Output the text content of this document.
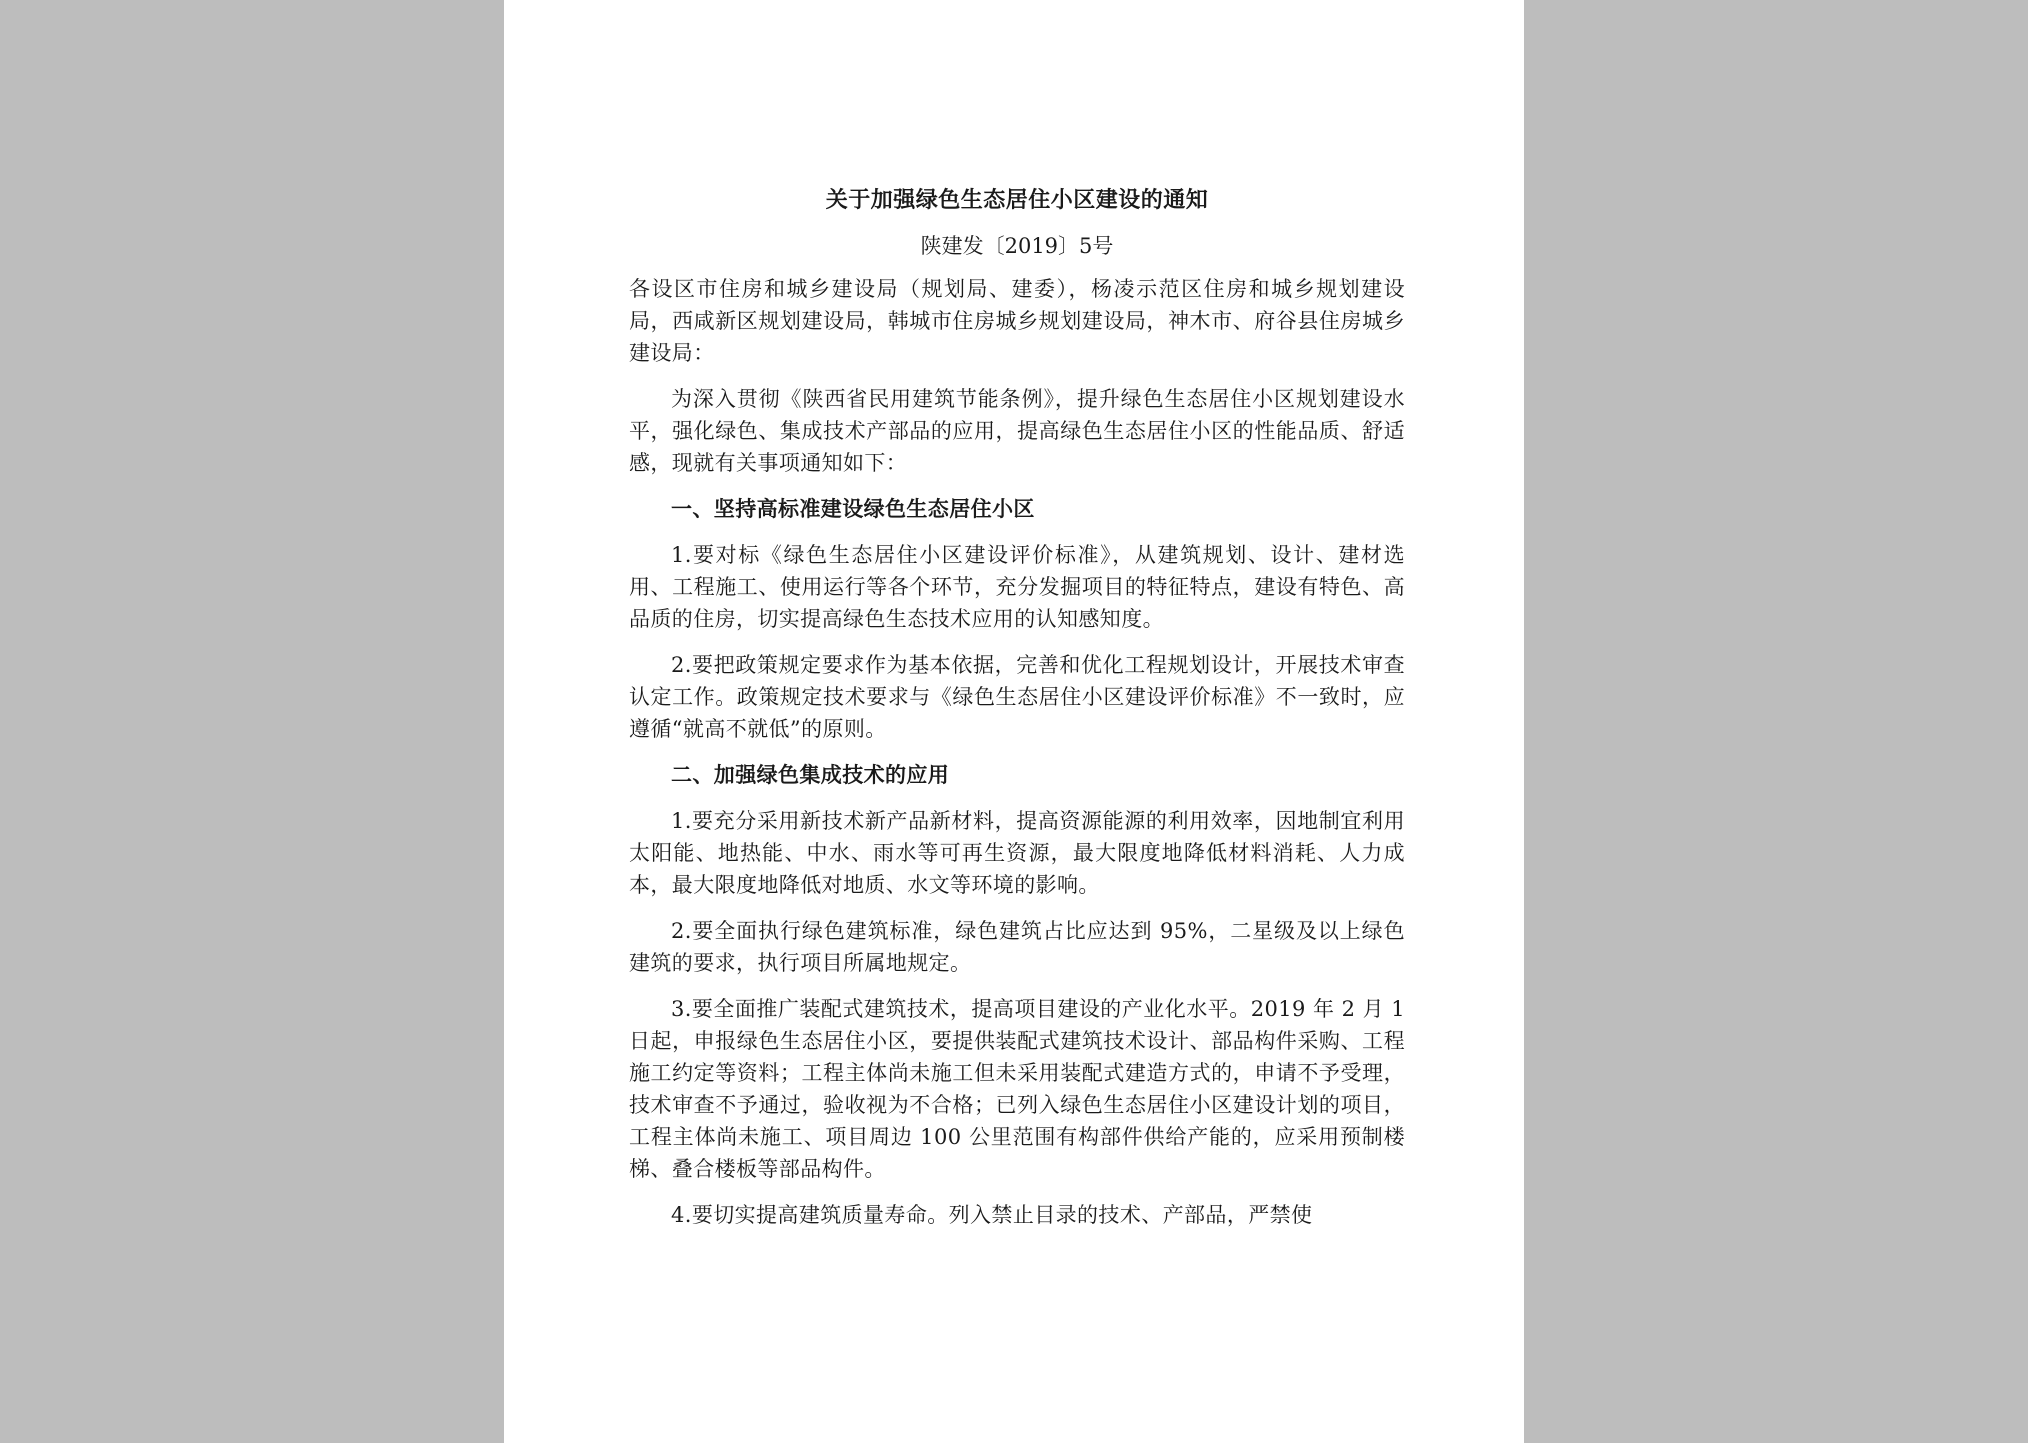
关于加强绿色生态居住小区建设的通知
陕建发〔2019〕5号

各设区市住房和城乡建设局（规划局、建委），杨凌示范区住房和城乡规划建设局，西咸新区规划建设局，韩城市住房城乡规划建设局，神木市、府谷县住房城乡建设局：

为深入贯彻《陕西省民用建筑节能条例》，提升绿色生态居住小区规划建设水平，强化绿色、集成技术产部品的应用，提高绿色生态居住小区的性能品质、舒适感，现就有关事项通知如下：

一、坚持高标准建设绿色生态居住小区

1.要对标《绿色生态居住小区建设评价标准》，从建筑规划、设计、建材选用、工程施工、使用运行等各个环节，充分发掘项目的特征特点，建设有特色、高品质的住房，切实提高绿色生态技术应用的认知感知度。

2.要把政策规定要求作为基本依据，完善和优化工程规划设计，开展技术审查认定工作。政策规定技术要求与《绿色生态居住小区建设评价标准》不一致时，应遵循“就高不就低”的原则。

二、加强绿色集成技术的应用

1.要充分采用新技术新产品新材料，提高资源能源的利用效率，因地制宜利用太阳能、地热能、中水、雨水等可再生资源，最大限度地降低材料消耗、人力成本，最大限度地降低对地质、水文等环境的影响。

2.要全面执行绿色建筑标准，绿色建筑占比应达到 95%，二星级及以上绿色建筑的要求，执行项目所属地规定。

3.要全面推广装配式建筑技术，提高项目建设的产业化水平。2019 年 2 月 1 日起，申报绿色生态居住小区，要提供装配式建筑技术设计、部品构件采购、工程施工约定等资料；工程主体尚未施工但未采用装配式建造方式的，申请不予受理，技术审查不予通过，验收视为不合格；已列入绿色生态居住小区建设计划的项目，工程主体尚未施工、项目周边 100 公里范围有构部件供给产能的，应采用预制楼梯、叠合楼板等部品构件。

4.要切实提高建筑质量寿命。列入禁止目录的技术、产部品，严禁使
